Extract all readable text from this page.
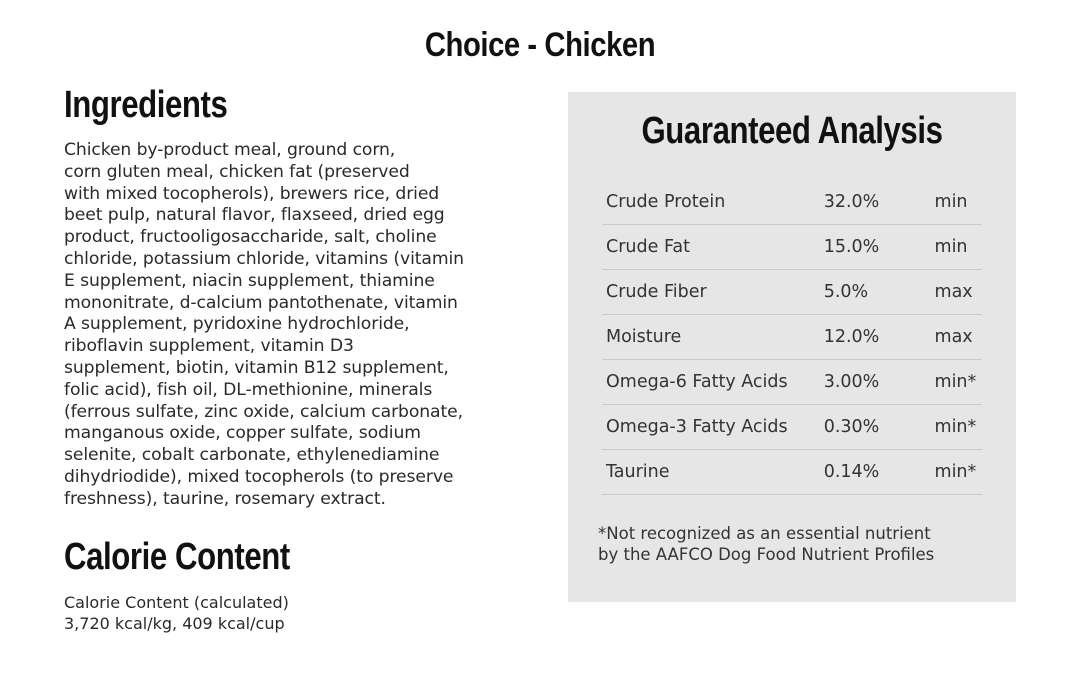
Choice - Chicken
Ingredients
Chicken by-product meal, ground corn,
corn gluten meal, chicken fat (preserved
with mixed tocopherols), brewers rice, dried
beet pulp, natural flavor, flaxseed, dried egg
product, fructooligosaccharide, salt, choline
chloride, potassium chloride, vitamins (vitamin
E supplement, niacin supplement, thiamine
mononitrate, d-calcium pantothenate, vitamin
A supplement, pyridoxine hydrochloride,
riboflavin supplement, vitamin D3
supplement, biotin, vitamin B12 supplement,
folic acid), fish oil, DL-methionine, minerals
(ferrous sulfate, zinc oxide, calcium carbonate,
manganous oxide, copper sulfate, sodium
selenite, cobalt carbonate, ethylenediamine
dihydriodide), mixed tocopherols (to preserve
freshness), taurine, rosemary extract.
Calorie Content
Calorie Content (calculated)
3,720 kcal/kg, 409 kcal/cup
Guaranteed Analysis
Crude Protein	32.0%	min
Crude Fat	15.0%	min
Crude Fiber	5.0%	max
Moisture	12.0%	max
Omega-6 Fatty Acids	3.00%	min*
Omega-3 Fatty Acids	0.30%	min*
Taurine	0.14%	min*
*Not recognized as an essential nutrient
by the AAFCO Dog Food Nutrient Profiles
